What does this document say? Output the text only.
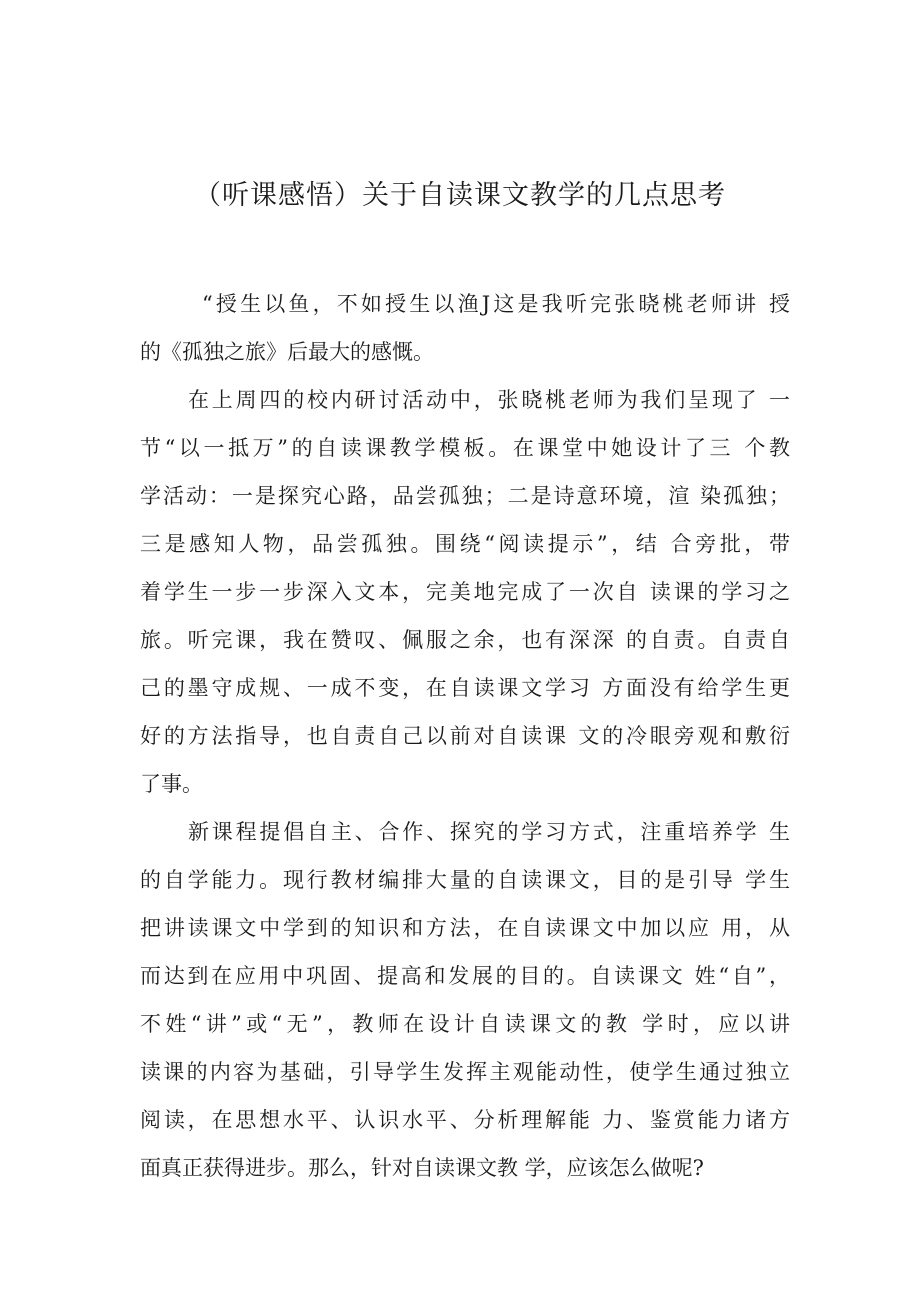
（听课感悟）关于自读课文教学的几点思考
“授生以鱼，不如授生以渔J这是我听完张晓桃老师讲 授
的《孤独之旅》后最大的感慨。
在上周四的校内研讨活动中，张晓桃老师为我们呈现了 一
节“以一抵万”的自读课教学模板。在课堂中她设计了三 个教
学活动：一是探究心路，品尝孤独；二是诗意环境，渲 染孤独；
三是感知人物，品尝孤独。围绕“阅读提示”，结 合旁批，带
着学生一步一步深入文本，完美地完成了一次自 读课的学习之
旅。听完课，我在赞叹、佩服之余，也有深深 的自责。自责自
己的墨守成规、一成不变，在自读课文学习 方面没有给学生更
好的方法指导，也自责自己以前对自读课 文的冷眼旁观和敷衍
了事。
新课程提倡自主、合作、探究的学习方式，注重培养学 生
的自学能力。现行教材编排大量的自读课文，目的是引导 学生
把讲读课文中学到的知识和方法，在自读课文中加以应 用，从
而达到在应用中巩固、提高和发展的目的。自读课文 姓“自”，
不姓“讲”或“无”，教师在设计自读课文的教 学时，应以讲
读课的内容为基础，引导学生发挥主观能动性，使学生通过独立
阅读，在思想水平、认识水平、分析理解能 力、鉴赏能力诸方
面真正获得进步。那么，针对自读课文教 学，应该怎么做呢?
